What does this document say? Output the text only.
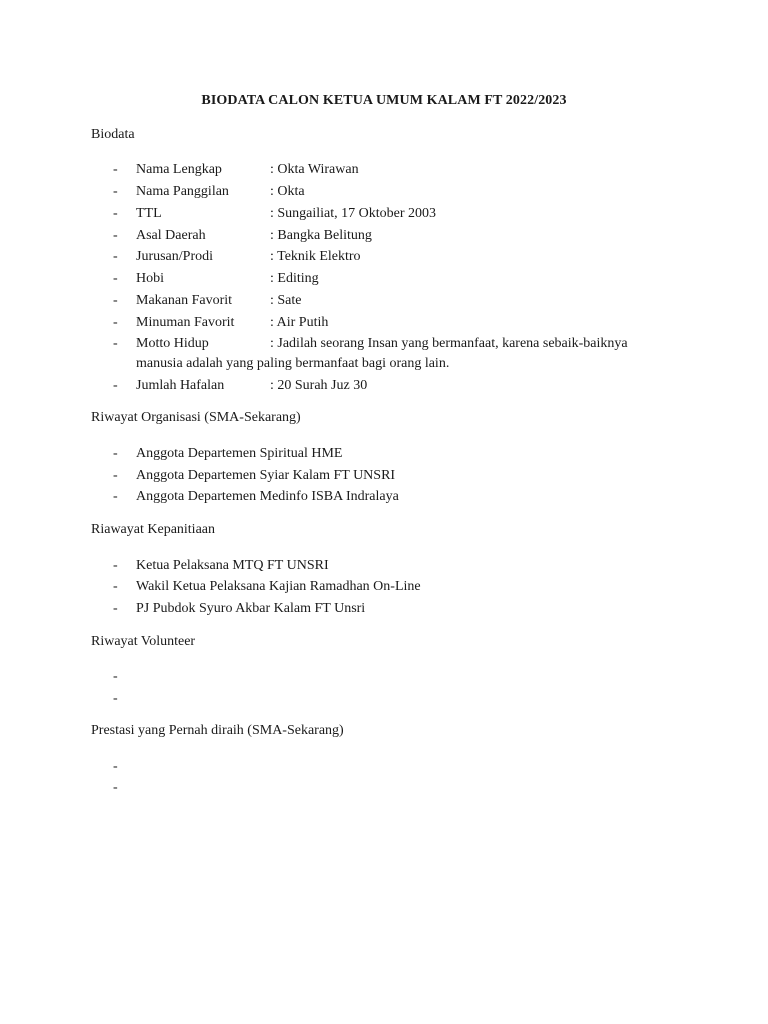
BIODATA CALON KETUA UMUM KALAM FT 2022/2023
Biodata
- Nama Lengkap	: Okta Wirawan
- Nama Panggilan	: Okta
- TTL	: Sungailiat, 17 Oktober 2003
- Asal Daerah	: Bangka Belitung
- Jurusan/Prodi	: Teknik Elektro
- Hobi	: Editing
- Makanan Favorit	: Sate
- Minuman Favorit	: Air Putih
- Motto Hidup	: Jadilah seorang Insan yang bermanfaat, karena sebaik-baiknya
manusia adalah yang paling bermanfaat bagi orang lain.
- Jumlah Hafalan	: 20 Surah Juz 30
Riwayat Organisasi (SMA-Sekarang)
- Anggota Departemen Spiritual HME
- Anggota Departemen Syiar Kalam FT UNSRI
- Anggota Departemen Medinfo ISBA Indralaya
Riawayat Kepanitiaan
- Ketua Pelaksana MTQ FT UNSRI
- Wakil Ketua Pelaksana Kajian Ramadhan On-Line
- PJ Pubdok Syuro Akbar Kalam FT Unsri
Riwayat Volunteer
-
-
Prestasi yang Pernah diraih (SMA-Sekarang)
-
-
